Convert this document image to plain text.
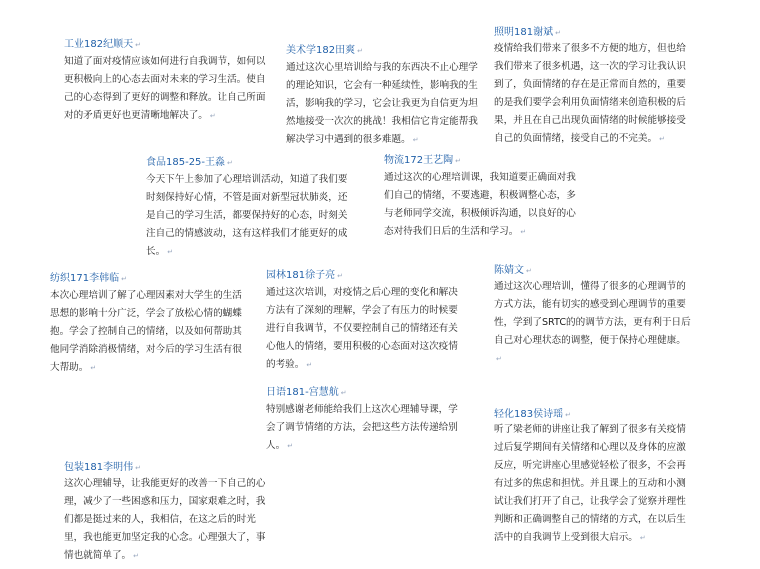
工业182纪顺天 ↵

知道了面对疫情应该如何进行自我调节，如何以更积极向上的心态去面对未来的学习生活。使自己的心态得到了更好的调整和释放。让自己所面对的矛盾更好也更清晰地解决了。 ↵

美术学182田爽 ↵

通过这次心里培训给与我的东西决不止心理学的理论知识，它会有一种延续性，影响我的生活，影响我的学习，它会让我更为自信更为坦然地接受一次次的挑战！我相信它肯定能帮我解决学习中遇到的很多难题。 ↵

照明181谢斌 ↵

疫情给我们带来了很多不方便的地方，但也给我们带来了很多机遇，这一次的学习让我认识到了，负面情绪的存在是正常而自然的，重要的是我们要学会利用负面情绪来创造积极的后果，并且在自己出现负面情绪的时候能够接受自己的负面情绪，接受自己的不完美。 ↵

食品185-25-王淼 ↵

今天下午上参加了心理培训活动，知道了我们要时刻保持好心情，不管是面对新型冠状肺炎，还是自己的学习生活，都要保持好的心态，时刻关注自己的情感波动，这有这样我们才能更好的成长。 ↵

物流172王艺陶 ↵

通过这次的心理培训课，我知道要正确面对我们自己的情绪，不要逃避，积极调整心态，多与老师同学交流，积极倾诉沟通，以良好的心态对待我们日后的生活和学习。 ↵

纺织171李韩临 ↵

本次心理培训了解了心理因素对大学生的生活思想的影响十分广泛，学会了放松心情的蝴蝶抱。学会了控制自己的情绪，以及如何帮助其他同学消除消极情绪，对今后的学习生活有很大帮助。 ↵

园林181徐子亮 ↵

通过这次培训，对疫情之后心理的变化和解决方法有了深刻的理解，学会了有压力的时候要进行自我调节，不仅要控制自己的情绪还有关心他人的情绪，要用积极的心态面对这次疫情的考验。 ↵

陈婧文 ↵

通过这次心理培训，懂得了很多的心理调节的方式方法，能有切实的感受到心理调节的重要性，学到了SRTC的的调节方法，更有利于日后自己对心理状态的调整，便于保持心理健康。↵

日语181-宫慧航 ↵

特别感谢老师能给我们上这次心理辅导课，学会了调节情绪的方法，会把这些方法传递给别人。 ↵

轻化183侯诗瑶 ↵

听了梁老师的讲座让我了解到了很多有关疫情过后复学期间有关情绪和心理以及身体的应激反应，听完讲座心里感觉轻松了很多，不会再有过多的焦虑和担忧。并且课上的互动和小测试让我们打开了自己，让我学会了觉察并理性判断和正确调整自己的情绪的方式，在以后生活中的自我调节上受到很大启示。 ↵

包装181李明伟 ↵

这次心理辅导，让我能更好的改善一下自己的心理，减少了一些困惑和压力，国家艰难之时，我们都是挺过来的人，我相信，在这之后的时光里，我也能更加坚定我的心念。心理强大了，事情也就简单了。 ↵
